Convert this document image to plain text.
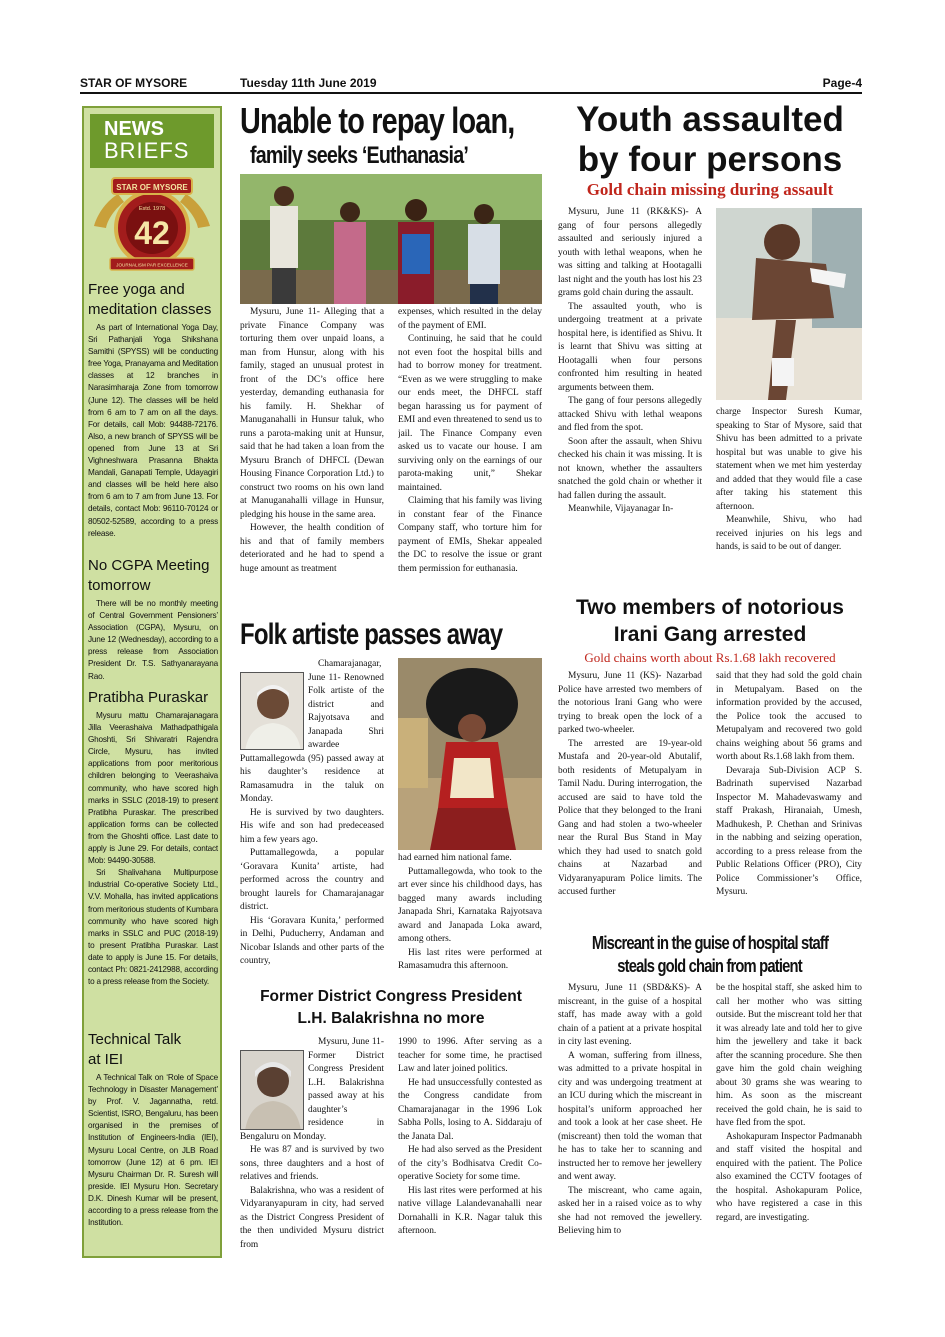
STAR OF MYSORE	Tuesday 11th June 2019	Page-4
NEWS
BRIEFS
STAR OF MYSORE
Estd. 1978
42
JOURNALISM PAR EXCELLENCE
Free yoga and meditation classes

As part of International Yoga Day, Sri Pathanjali Yoga Shikshana Samithi (SPYSS) will be conducting free Yoga, Pranayama and Meditation classes at 12 branches in Narasimharaja Zone from tomorrow (June 12). The classes will be held from 6 am to 7 am on all the days. For details, call Mob: 94488-72176. Also, a new branch of SPYSS will be opened from June 13 at Sri Vighneshwara Prasanna Bhakta Mandali, Ganapati Temple, Udayagiri and classes will be held here also from 6 am to 7 am from June 13. For details, contact Mob: 96110-70124 or 80502-52589, according to a press release.

No CGPA Meeting tomorrow

There will be no monthly meeting of Central Government Pensioners’ Association (CGPA), Mysuru, on June 12 (Wednesday), according to a press release from Association President Dr. T.S. Sathyanarayana Rao.

Pratibha Puraskar

Mysuru mattu Chamarajanagara Jilla Veerashaiva Mathadpathigala Ghoshti, Sri Shivaratri Rajendra Circle, Mysuru, has invited applications from poor meritorious children belonging to Veerashaiva community, who have scored high marks in SSLC (2018-19) to present Pratibha Puraskar. The prescribed application forms can be collected from the Ghoshti office. Last date to apply is June 29. For details, contact Mob: 94490-30588.

Sri Shalivahana Multipurpose Industrial Co-operative Society Ltd., V.V. Mohalla, has invited applications from meritorious students of Kumbara community who have scored high marks in SSLC and PUC (2018-19) to present Pratibha Puraskar. Last date to apply is June 15. For details, contact Ph: 0821-2412988, according to a press release from the Society.

Technical Talk at IEI

A Technical Talk on ‘Role of Space Technology in Disaster Management’ by Prof. V. Jagannatha, retd. Scientist, ISRO, Bengaluru, has been organised in the premises of Institution of Engineers-India (IEI), Mysuru Local Centre, on JLB Road tomorrow (June 12) at 6 pm. IEI Mysuru Chairman Dr. R. Suresh will preside. IEI Mysuru Hon. Secretary D.K. Dinesh Kumar will be present, according to a press release from the Institution.

Unable to repay loan,
family seeks ‘Euthanasia’

Mysuru, June 11- Alleging that a private Finance Company was torturing them over unpaid loans, a man from Hunsur, along with his family, staged an unusual protest in front of the DC’s office here yesterday, demanding euthanasia for his family. H. Shekhar of Manuganahalli in Hunsur taluk, who runs a parota-making unit at Hunsur, said that he had taken a loan from the Mysuru Branch of DHFCL (Dewan Housing Finance Corporation Ltd.) to construct two rooms on his own land at Manuganahalli village in Hunsur, pledging his house in the same area.

However, the health condition of his and that of family members deteriorated and he had to spend a huge amount as treatment

expenses, which resulted in the delay of the payment of EMI.

Continuing, he said that he could not even foot the hospital bills and had to borrow money for treatment. “Even as we were struggling to make our ends meet, the DHFCL staff began harassing us for payment of EMI and even threatened to send us to jail. The Finance Company even asked us to vacate our house. I am surviving only on the earnings of our parota-making unit,” Shekar maintained.

Claiming that his family was living in constant fear of the Finance Company staff, who torture him for payment of EMIs, Shekar appealed the DC to resolve the issue or grant them permission for euthanasia.

Folk artiste passes away

Chamarajanagar, June 11- Renowned Folk artiste of the district and Rajyotsava and Janapada Shri awardee Puttamallegowda (95) passed away at his daughter’s residence at Ramasamudra in the taluk on Monday.

He is survived by two daughters. His wife and son had predeceased him a few years ago.

Puttamallegowda, a popular ‘Goravara Kunita’ artiste, had performed across the country and brought laurels for Chamarajanagar district.

His ‘Goravara Kunita,’ performed in Delhi, Puducherry, Andaman and Nicobar Islands and other parts of the country,

had earned him national fame.

Puttamallegowda, who took to the art ever since his childhood days, has bagged many awards including Janapada Shri, Karnataka Rajyotsava award and Janapada Loka award, among others.

His last rites were performed at Ramasamudra this afternoon.

Former District Congress President
L.H. Balakrishna no more

Mysuru, June 11- Former District Congress President L.H. Balakrishna passed away at his daughter’s residence in Bengaluru on Monday.

He was 87 and is survived by two sons, three daughters and a host of relatives and friends.

Balakrishna, who was a resident of Vidyaranyapuram in city, had served as the District Congress President of the then undivided Mysuru district from

1990 to 1996. After serving as a teacher for some time, he practised Law and later joined politics.

He had unsuccessfully contested as the Congress candidate from Chamarajanagar in the 1996 Lok Sabha Polls, losing to A. Siddaraju of the Janata Dal.

He had also served as the President of the city’s Bodhisatva Credit Co-operative Society for some time.

His last rites were performed at his native village Lalandevanahalli near Dornahalli in K.R. Nagar taluk this afternoon.

Youth assaulted
by four persons
Gold chain missing during assault

Mysuru, June 11 (RK&KS)- A gang of four persons allegedly assaulted and seriously injured a youth with lethal weapons, when he was sitting and talking at Hootagalli last night and the youth has lost his 23 grams gold chain during the assault.

The assaulted youth, who is undergoing treatment at a private hospital here, is identified as Shivu. It is learnt that Shivu was sitting at Hootagalli when four persons confronted him resulting in heated arguments between them.

The gang of four persons allegedly attacked Shivu with lethal weapons and fled from the spot.

Soon after the assault, when Shivu checked his chain it was missing. It is not known, whether the assaulters snatched the gold chain or whether it had fallen during the assault.

Meanwhile, Vijayanagar In-

charge Inspector Suresh Kumar, speaking to Star of Mysore, said that Shivu has been admitted to a private hospital but was unable to give his statement when we met him yesterday and added that they would file a case after taking his statement this afternoon.

Meanwhile, Shivu, who had received injuries on his legs and hands, is said to be out of danger.

Two members of notorious
Irani Gang arrested
Gold chains worth about Rs.1.68 lakh recovered

Mysuru, June 11 (KS)- Nazarbad Police have arrested two members of the notorious Irani Gang who were trying to break open the lock of a parked two-wheeler.

The arrested are 19-year-old Mustafa and 20-year-old Abutalif, both residents of Metupalyam in Tamil Nadu. During interrogation, the accused are said to have told the Police that they belonged to the Irani Gang and had stolen a two-wheeler near the Rural Bus Stand in May which they had used to snatch gold chains at Nazarbad and Vidyaranyapuram Police limits. The accused further

said that they had sold the gold chain in Metupalyam. Based on the information provided by the accused, the Police took the accused to Metupalyam and recovered two gold chains weighing about 56 grams and worth about Rs.1.68 lakh from them.

Devaraja Sub-Division ACP S. Badrinath supervised Nazarbad Inspector M. Mahadevaswamy and staff Prakash, Hiranaiah, Umesh, Madhukesh, P. Chethan and Srinivas in the nabbing and seizing operation, according to a press release from the Public Relations Officer (PRO), City Police Commissioner’s Office, Mysuru.

Miscreant in the guise of hospital staff
steals gold chain from patient

Mysuru, June 11 (SBD&KS)- A miscreant, in the guise of a hospital staff, has made away with a gold chain of a patient at a private hospital in city last evening.

A woman, suffering from illness, was admitted to a private hospital in city and was undergoing treatment at an ICU during which the miscreant in hospital’s uniform approached her and took a look at her case sheet. He (miscreant) then told the woman that he has to take her to scanning and instructed her to remove her jewellery and went away.

The miscreant, who came again, asked her in a raised voice as to why she had not removed the jewellery. Believing him to

be the hospital staff, she asked him to call her mother who was sitting outside. But the miscreant told her that it was already late and told her to give him the jewellery and take it back after the scanning procedure. She then gave him the gold chain weighing about 30 grams she was wearing to him. As soon as the miscreant received the gold chain, he is said to have fled from the spot.

Ashokapuram Inspector Padmanabh and staff visited the hospital and enquired with the patient. The Police also examined the CCTV footages of the hospital. Ashokapuram Police, who have registered a case in this regard, are investigating.
